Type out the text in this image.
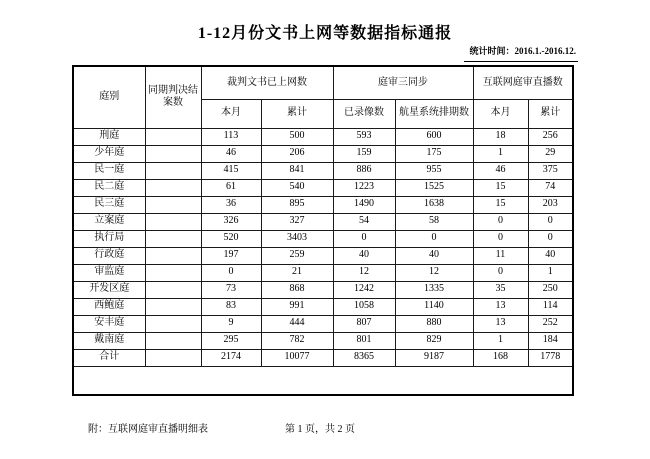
1-12月份文书上网等数据指标通报
统计时间：2016.1.-2016.12.
庭别	同期判决结案数	裁判文书已上网数		庭审三同步		互联网庭审直播数	
		本月	累计	已录像数	航星系统排期数	本月	累计
刑庭		113	500	593	600	18	256
少年庭		46	206	159	175	1	29
民一庭		415	841	886	955	46	375
民二庭		61	540	1223	1525	15	74
民三庭		36	895	1490	1638	15	203
立案庭		326	327	54	58	0	0
执行局		520	3403	0	0	0	0
行政庭		197	259	40	40	11	40
审监庭		0	21	12	12	0	1
开发区庭		73	868	1242	1335	35	250
西鲍庭		83	991	1058	1140	13	114
安丰庭		9	444	807	880	13	252
戴南庭		295	782	801	829	1	184
合计		2174	10077	8365	9187	168	1778

附：互联网庭审直播明细表	第 1 页，共 2 页
